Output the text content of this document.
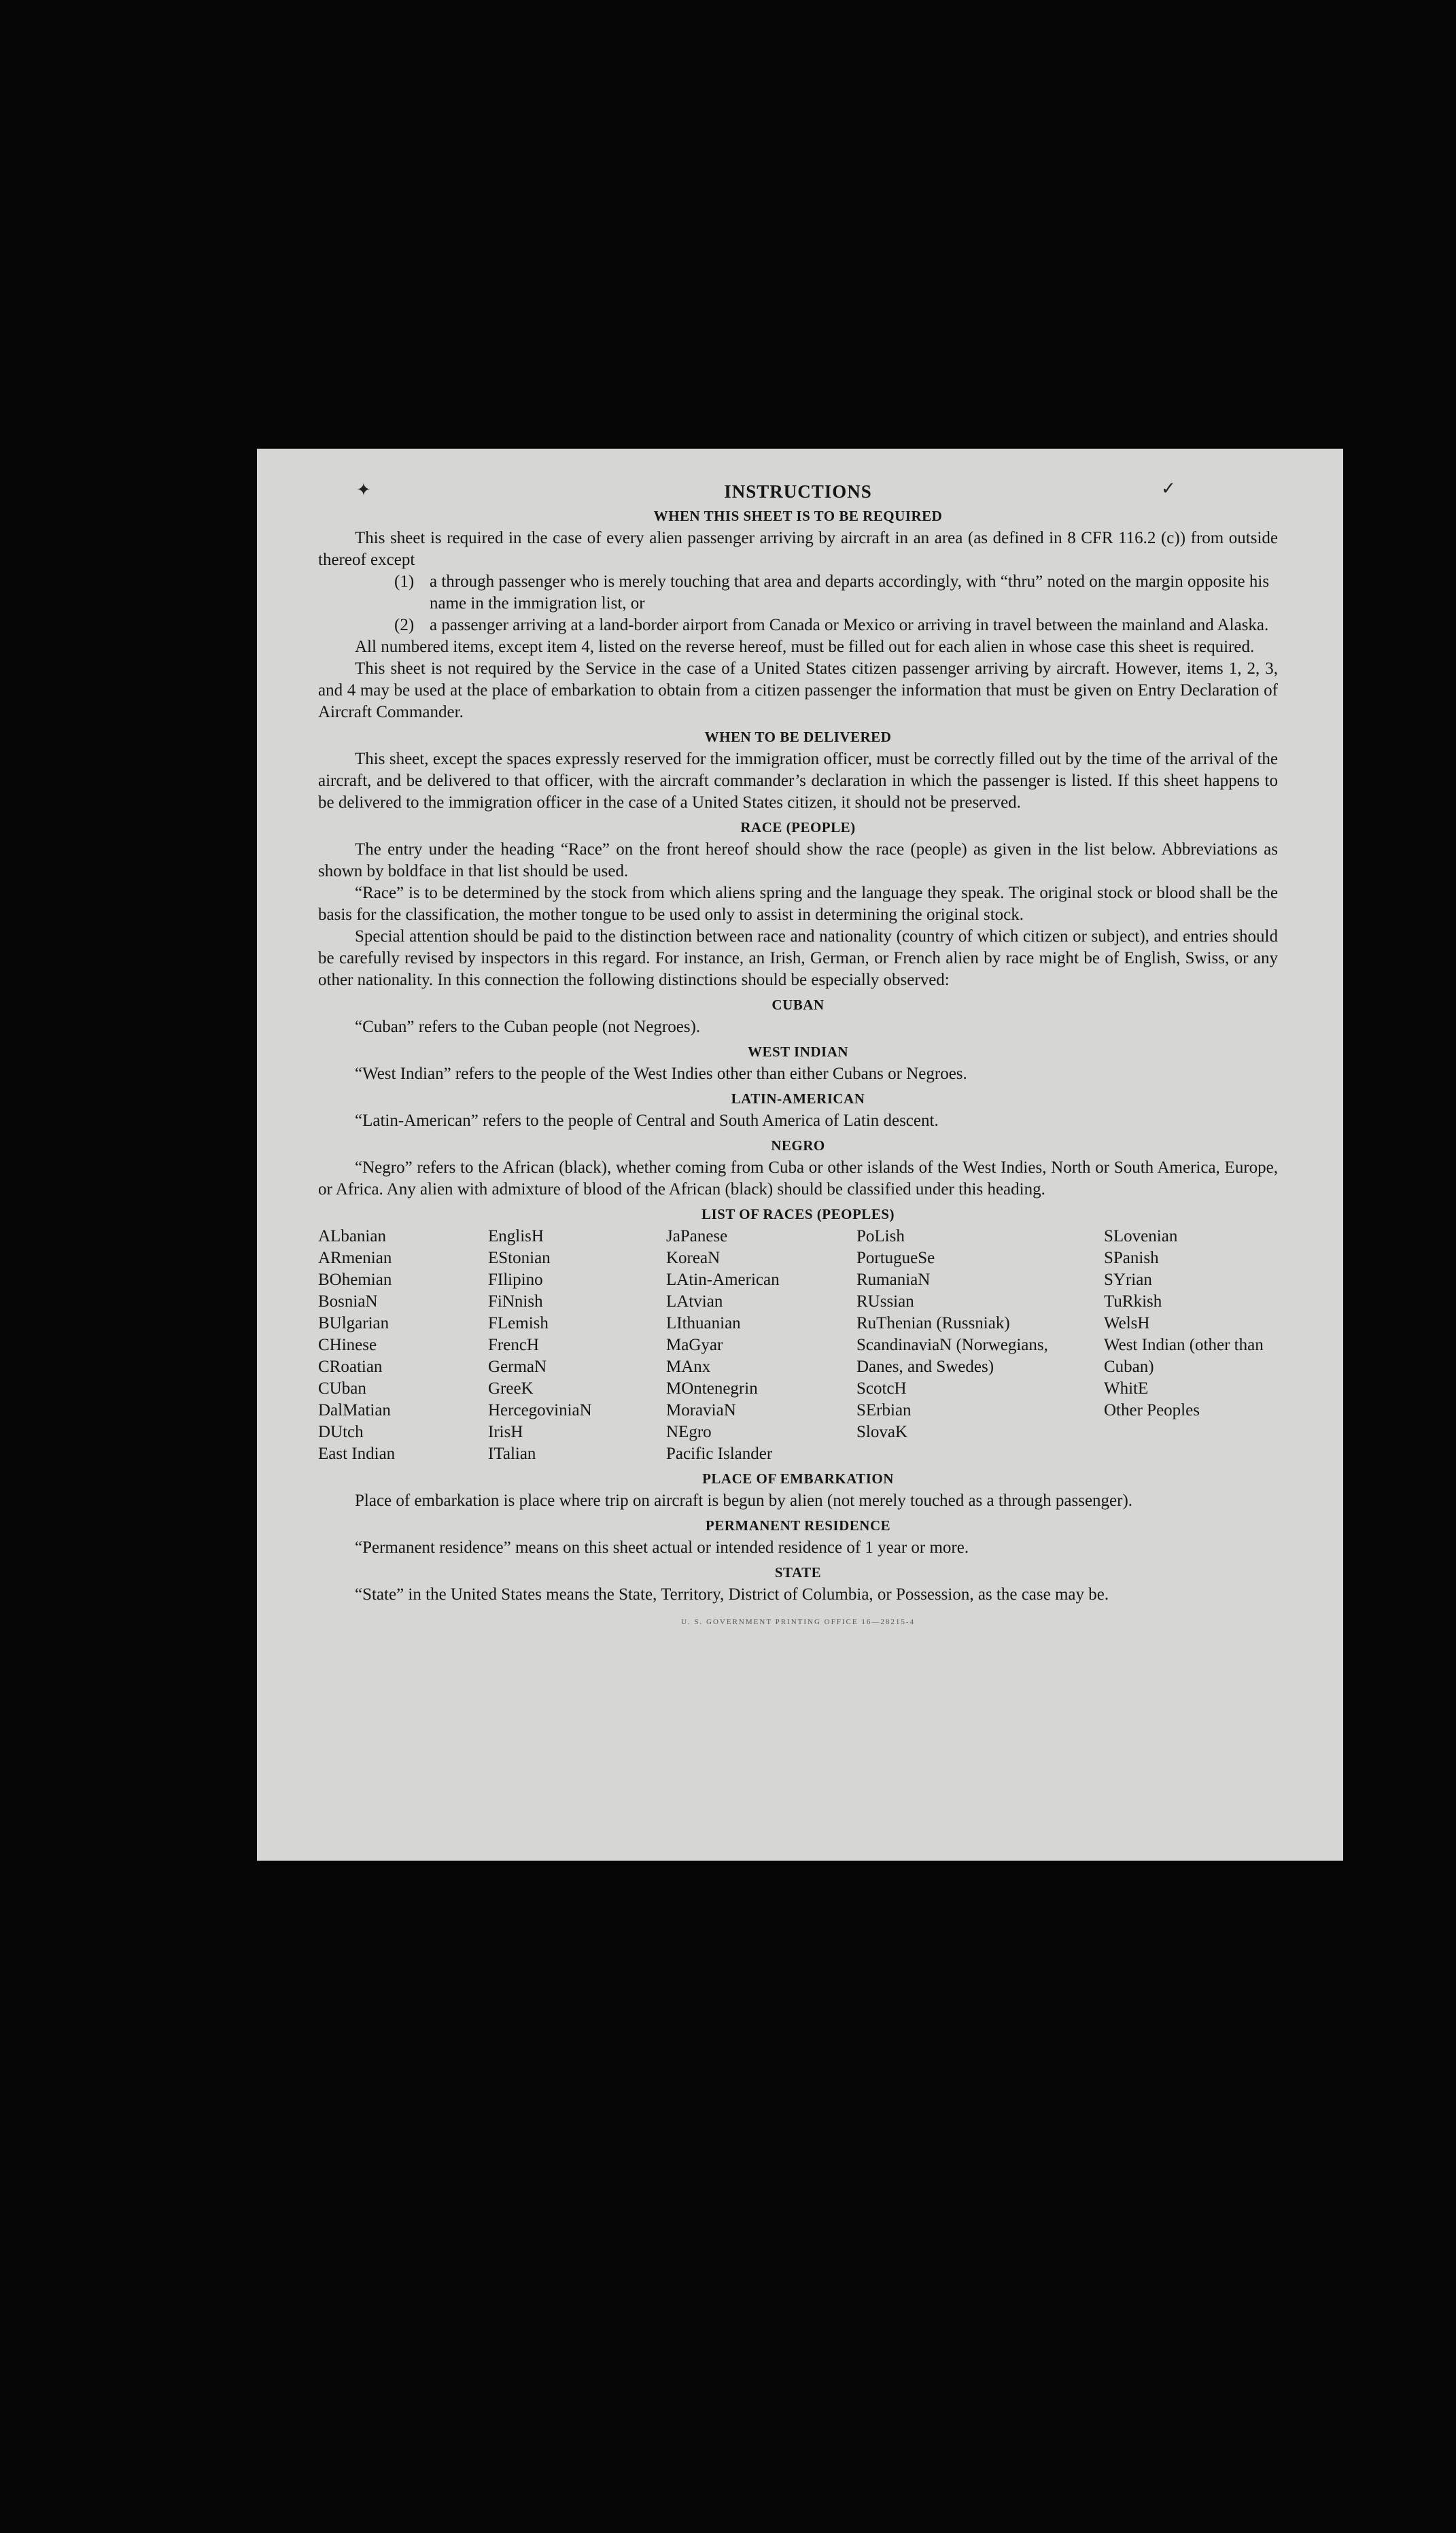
✦	✓
INSTRUCTIONS
WHEN THIS SHEET IS TO BE REQUIRED

This sheet is required in the case of every alien passenger arriving by aircraft in an area (as defined in 8 CFR 116.2 (c)) from outside thereof except

(1) a through passenger who is merely touching that area and departs accordingly, with “thru” noted on the margin opposite his name in the immigration list, or
(2) a passenger arriving at a land-border airport from Canada or Mexico or arriving in travel between the mainland and Alaska.

All numbered items, except item 4, listed on the reverse hereof, must be filled out for each alien in whose case this sheet is required.

This sheet is not required by the Service in the case of a United States citizen passenger arriving by aircraft. However, items 1, 2, 3, and 4 may be used at the place of embarkation to obtain from a citizen passenger the information that must be given on Entry Declaration of Aircraft Commander.

WHEN TO BE DELIVERED

This sheet, except the spaces expressly reserved for the immigration officer, must be correctly filled out by the time of the arrival of the aircraft, and be delivered to that officer, with the aircraft commander’s declaration in which the passenger is listed. If this sheet happens to be delivered to the immigration officer in the case of a United States citizen, it should not be preserved.

RACE (PEOPLE)

The entry under the heading “Race” on the front hereof should show the race (people) as given in the list below. Abbreviations as shown by boldface in that list should be used.

“Race” is to be determined by the stock from which aliens spring and the language they speak. The original stock or blood shall be the basis for the classification, the mother tongue to be used only to assist in determining the original stock.

Special attention should be paid to the distinction between race and nationality (country of which citizen or subject), and entries should be carefully revised by inspectors in this regard. For instance, an Irish, German, or French alien by race might be of English, Swiss, or any other nationality. In this connection the following distinctions should be especially observed:

CUBAN

“Cuban” refers to the Cuban people (not Negroes).

WEST INDIAN

“West Indian” refers to the people of the West Indies other than either Cubans or Negroes.

LATIN-AMERICAN

“Latin-American” refers to the people of Central and South America of Latin descent.

NEGRO

“Negro” refers to the African (black), whether coming from Cuba or other islands of the West Indies, North or South America, Europe, or Africa. Any alien with admixture of blood of the African (black) should be classified under this heading.

LIST OF RACES (PEOPLES)
ALbanian
ARmenian
BOhemian
BosniaN
BUlgarian
CHinese
CRoatian
CUban
DalMatian
DUtch
East Indian
EnglisH
EStonian
FIlipino
FiNnish
FLemish
FrencH
GermaN
GreeK
HercegoviniaN
IrisH
ITalian
JaPanese
KoreaN
LAtin-American
LAtvian
LIthuanian
MaGyar
MAnx
MOntenegrin
MoraviaN
NEgro
Pacific Islander
PoLish
PortugueSe
RumaniaN
RUssian
RuThenian (Russniak)
ScandinaviaN (Norwegians, Danes, and Swedes)
ScotcH
SErbian
SlovaK
SLovenian
SPanish
SYrian
TuRkish
WelsH
West Indian (other than Cuban)
WhitE
Other Peoples
PLACE OF EMBARKATION

Place of embarkation is place where trip on aircraft is begun by alien (not merely touched as a through passenger).

PERMANENT RESIDENCE

“Permanent residence” means on this sheet actual or intended residence of 1 year or more.

STATE

“State” in the United States means the State, Territory, District of Columbia, or Possession, as the case may be.

U. S. GOVERNMENT PRINTING OFFICE 16—28215-4
